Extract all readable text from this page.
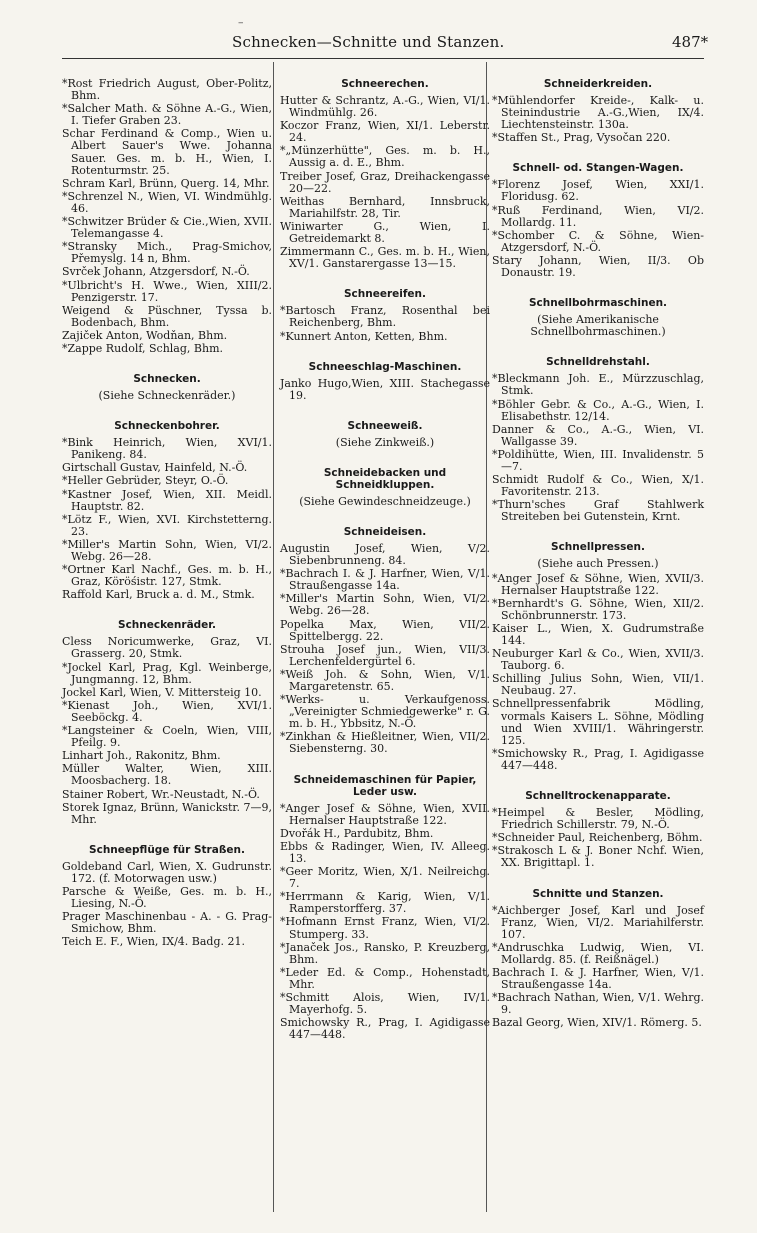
–
Schnecken—Schnitte und Stanzen.	487*
*Rost Friedrich August, Ober-Politz, Bhm.
*Salcher Math. & Söhne A.-G., Wien, I. Tiefer Graben 23.
Schar Ferdinand & Comp., Wien u. Albert Sauer's Wwe. Johanna Sauer. Ges. m. b. H., Wien, I. Rotenturmstr. 25.
Schram Karl, Brünn, Querg. 14, Mhr.
*Schrenzel N., Wien, VI. Windmühlg. 46.
*Schwitzer Brüder & Cie.,Wien, XVII. Telemangasse 4.
*Stransky Mich., Prag-Smichov, Přemyslg. 14 n, Bhm.
Svrček Johann, Atzgersdorf, N.-Ö.
*Ulbricht's H. Wwe., Wien, XIII/2. Penzigerstr. 17.
Weigend & Püschner, Tyssa b. Bodenbach, Bhm.
Zajiček Anton, Wodňan, Bhm.
*Zappe Rudolf, Schlag, Bhm.
Schnecken.
(Siehe Schneckenräder.)
Schneckenbohrer.
*Bink Heinrich, Wien, XVI/1. Panikeng. 84.
Girtschall Gustav, Hainfeld, N.-Ö.
*Heller Gebrüder, Steyr, O.-Ö.
*Kastner Josef, Wien, XII. Meidl. Hauptstr. 82.
*Lötz F., Wien, XVI. Kirchstetterng. 23.
*Miller's Martin Sohn, Wien, VI/2. Webg. 26—28.
*Ortner Karl Nachf., Ges. m. b. H., Graz, Köröśistr. 127, Stmk.
Raffold Karl, Bruck a. d. M., Stmk.
Schneckenräder.
Cless Noricumwerke, Graz, VI. Grasserg. 20, Stmk.
*Jockel Karl, Prag, Kgl. Weinberge, Jungmanng. 12, Bhm.
Jockel Karl, Wien, V. Mittersteig 10.
*Kienast Joh., Wien, XVI/1. Seeböckg. 4.
*Langsteiner & Coeln, Wien, VIII, Pfeilg. 9.
Linhart Joh., Rakonitz, Bhm.
Müller Walter, Wien, XIII. Moosbacherg. 18.
Stainer Robert, Wr.-Neustadt, N.-Ö.
Storek Ignaz, Brünn, Wanickstr. 7—9, Mhr.
Schneepflüge für Straßen.
Goldeband Carl, Wien, X. Gudrunstr. 172. (f. Motorwagen usw.)
Parsche & Weiße, Ges. m. b. H., Liesing, N.-Ö.
Prager Maschinenbau - A. - G. Prag-Smichow, Bhm.
Teich E. F., Wien, IX/4. Badg. 21.
Schneerechen.
Hutter & Schrantz, A.-G., Wien, VI/1. Windmühlg. 26.
Koczor Franz, Wien, XI/1. Leberstr. 24.
*„Münzerhütte", Ges. m. b. H., Aussig a. d. E., Bhm.
Treiber Josef, Graz, Dreihackengasse 20—22.
Weithas Bernhard, Innsbruck, Mariahilfstr. 28, Tir.
Winiwarter G., Wien, I. Getreidemarkt 8.
Zimmermann C., Ges. m. b. H., Wien, XV/1. Ganstarergasse 13—15.
Schneereifen.
*Bartosch Franz, Rosenthal bei Reichenberg, Bhm.
*Kunnert Anton, Ketten, Bhm.
Schneeschlag-Maschinen.
Janko Hugo,Wien, XIII. Stachegasse 19.
Schneeweiß.
(Siehe Zinkweiß.)
Schneidebacken und Schneidkluppen.
(Siehe Gewindeschneidzeuge.)
Schneideisen.
Augustin Josef, Wien, V/2. Siebenbrunneng. 84.
*Bachrach I. & J. Harfner, Wien, V/1. Straußengasse 14a.
*Miller's Martin Sohn, Wien, VI/2. Webg. 26—28.
Popelka Max, Wien, VII/2. Spittelbergg. 22.
Strouha Josef jun., Wien, VII/3. Lerchenfeldergürtel 6.
*Weiß Joh. & Sohn, Wien, V/1. Margaretenstr. 65.
*Werks- u. Verkaufgenoss. „Vereinigter Schmiedgewerke" r. G. m. b. H., Ybbsitz, N.-Ö.
*Zinkhan & Hießleitner, Wien, VII/2. Siebensterng. 30.
Schneidemaschinen für Papier, Leder usw.
*Anger Josef & Söhne, Wien, XVII. Hernalser Hauptstraße 122.
Dvořák H., Pardubitz, Bhm.
Ebbs & Radinger, Wien, IV. Alleeg. 13.
*Geer Moritz, Wien, X/1. Neilreichg. 7.
*Herrmann & Karig, Wien, V/1. Ramperstorfferg. 37.
*Hofmann Ernst Franz, Wien, VI/2. Stumperg. 33.
*Janaček Jos., Ransko, P. Kreuzberg, Bhm.
*Leder Ed. & Comp., Hohenstadt, Mhr.
*Schmitt Alois, Wien, IV/1. Mayerhofg. 5.
Smichowsky R., Prag, I. Agidigasse 447—448.
Schneiderkreiden.
*Mühlendorfer Kreide-, Kalk- u. Steinindustrie A.-G.,Wien, IX/4. Liechtensteinstr. 130a.
*Staffen St., Prag, Vysočan 220.
Schnell- od. Stangen-Wagen.
*Florenz Josef, Wien, XXI/1. Floridusg. 62.
*Ruß Ferdinand, Wien, VI/2. Mollardg. 11.
*Schomber C. & Söhne, Wien-Atzgersdorf, N.-Ö.
Stary Johann, Wien, II/3. Ob Donaustr. 19.
Schnellbohrmaschinen.
(Siehe Amerikanische Schnellbohrmaschinen.)
Schnelldrehstahl.
*Bleckmann Joh. E., Mürzzuschlag, Stmk.
*Böhler Gebr. & Co., A.-G., Wien, I. Elisabethstr. 12/14.
Danner & Co., A.-G., Wien, VI. Wallgasse 39.
*Poldihütte, Wien, III. Invalidenstr. 5—7.
Schmidt Rudolf & Co., Wien, X/1. Favoritenstr. 213.
*Thurn'sches Graf Stahlwerk Streiteben bei Gutenstein, Krnt.
Schnellpressen.
(Siehe auch Pressen.)
*Anger Josef & Söhne, Wien, XVII/3. Hernalser Hauptstraße 122.
*Bernhardt's G. Söhne, Wien, XII/2. Schönbrunnerstr. 173.
Kaiser L., Wien, X. Gudrumstraße 144.
Neuburger Karl & Co., Wien, XVII/3. Tauborg. 6.
Schilling Julius Sohn, Wien, VII/1. Neubaug. 27.
Schnellpressenfabrik Mödling, vormals Kaisers L. Söhne, Mödling und Wien XVIII/1. Währingerstr. 125.
*Smichowsky R., Prag, I. Agidigasse 447—448.
Schnelltrockenapparate.
*Heimpel & Besler, Mödling, Friedrich Schillerstr. 79, N.-Ö.
*Schneider Paul, Reichenberg, Böhm.
*Strakosch L & J. Boner Nchf. Wien, XX. Brigittapl. 1.
Schnitte und Stanzen.
*Aichberger Josef, Karl und Josef Franz, Wien, VI/2. Mariahilferstr. 107.
*Andruschka Ludwig, Wien, VI. Mollardg. 85. (f. Reißnägel.)
Bachrach I. & J. Harfner, Wien, V/1. Straußengasse 14a.
*Bachrach Nathan, Wien, V/1. Wehrg. 9.
Bazal Georg, Wien, XIV/1. Römerg. 5.
